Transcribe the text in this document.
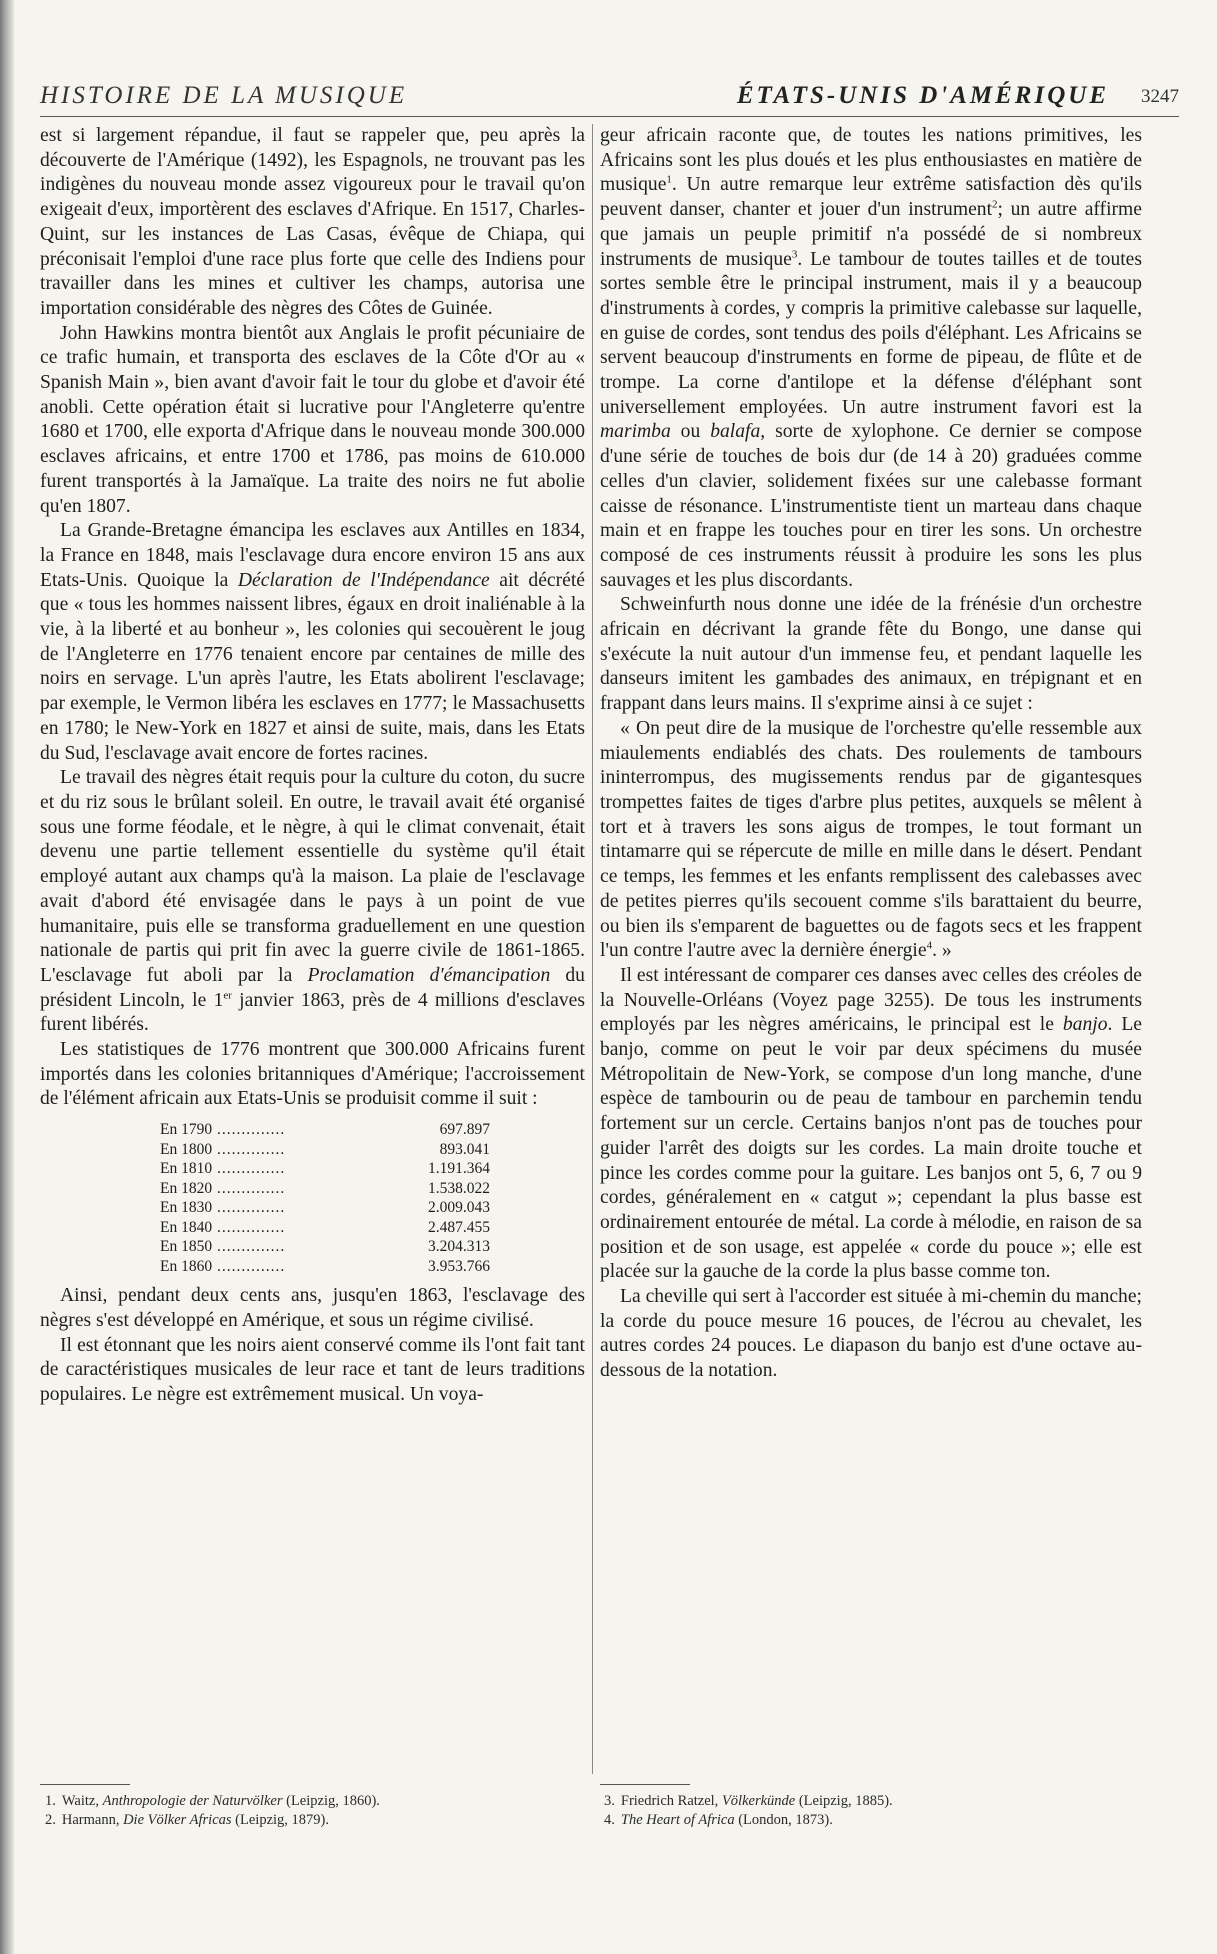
HISTOIRE DE LA MUSIQUE	ÉTATS-UNIS D'AMÉRIQUE 3247

est si largement répandue, il faut se rappeler que, peu après la découverte de l'Amérique (1492), les Espagnols, ne trouvant pas les indigènes du nouveau monde assez vigoureux pour le travail qu'on exigeait d'eux, importèrent des esclaves d'Afrique. En 1517, Charles-Quint, sur les instances de Las Casas, évêque de Chiapa, qui préconisait l'emploi d'une race plus forte que celle des Indiens pour travailler dans les mines et cultiver les champs, autorisa une importation considérable des nègres des Côtes de Guinée.

John Hawkins montra bientôt aux Anglais le profit pécuniaire de ce trafic humain, et transporta des esclaves de la Côte d'Or au « Spanish Main », bien avant d'avoir fait le tour du globe et d'avoir été anobli. Cette opération était si lucrative pour l'Angleterre qu'entre 1680 et 1700, elle exporta d'Afrique dans le nouveau monde 300.000 esclaves africains, et entre 1700 et 1786, pas moins de 610.000 furent transportés à la Jamaïque. La traite des noirs ne fut abolie qu'en 1807.

La Grande-Bretagne émancipa les esclaves aux Antilles en 1834, la France en 1848, mais l'esclavage dura encore environ 15 ans aux Etats-Unis. Quoique la Déclaration de l'Indépendance ait décrété que « tous les hommes naissent libres, égaux en droit inaliénable à la vie, à la liberté et au bonheur », les colonies qui secouèrent le joug de l'Angleterre en 1776 tenaient encore par centaines de mille des noirs en servage. L'un après l'autre, les Etats abolirent l'esclavage; par exemple, le Vermon libéra les esclaves en 1777; le Massachusetts en 1780; le New-York en 1827 et ainsi de suite, mais, dans les Etats du Sud, l'esclavage avait encore de fortes racines.

Le travail des nègres était requis pour la culture du coton, du sucre et du riz sous le brûlant soleil. En outre, le travail avait été organisé sous une forme féodale, et le nègre, à qui le climat convenait, était devenu une partie tellement essentielle du système qu'il était employé autant aux champs qu'à la maison. La plaie de l'esclavage avait d'abord été envisagée dans le pays à un point de vue humanitaire, puis elle se transforma graduellement en une question nationale de partis qui prit fin avec la guerre civile de 1861-1865. L'esclavage fut aboli par la Proclamation d'émancipation du président Lincoln, le 1er janvier 1863, près de 4 millions d'esclaves furent libérés.

Les statistiques de 1776 montrent que 300.000 Africains furent importés dans les colonies britanniques d'Amérique; l'accroissement de l'élément africain aux Etats-Unis se produisit comme il suit :

En 1790 .....	697.897
En 1800 .....	893.041
En 1810 .....	1.191.364
En 1820 .....	1.538.022
En 1830 .....	2.009.043
En 1840 .....	2.487.455
En 1850 .....	3.204.313
En 1860 .....	3.953.766

Ainsi, pendant deux cents ans, jusqu'en 1863, l'esclavage des nègres s'est développé en Amérique, et sous un régime civilisé.

Il est étonnant que les noirs aient conservé comme ils l'ont fait tant de caractéristiques musicales de leur race et tant de leurs traditions populaires. Le nègre est extrêmement musical. Un voya-

geur africain raconte que, de toutes les nations primitives, les Africains sont les plus doués et les plus enthousiastes en matière de musique$^1$. Un autre remarque leur extrême satisfaction dès qu'ils peuvent danser, chanter et jouer d'un instrument$^2$; un autre affirme que jamais un peuple primitif n'a possédé de si nombreux instruments de musique$^3$. Le tambour de toutes tailles et de toutes sortes semble être le principal instrument, mais il y a beaucoup d'instruments à cordes, y compris la primitive calebasse sur laquelle, en guise de cordes, sont tendus des poils d'éléphant. Les Africains se servent beaucoup d'instruments en forme de pipeau, de flûte et de trompe. La corne d'antilope et la défense d'éléphant sont universellement employées. Un autre instrument favori est la marimba ou balafa, sorte de xylophone. Ce dernier se compose d'une série de touches de bois dur (de 14 à 20) graduées comme celles d'un clavier, solidement fixées sur une calebasse formant caisse de résonance. L'instrumentiste tient un marteau dans chaque main et en frappe les touches pour en tirer les sons. Un orchestre composé de ces instruments réussit à produire les sons les plus sauvages et les plus discordants.

Schweinfurth nous donne une idée de la frénésie d'un orchestre africain en décrivant la grande fête du Bongo, une danse qui s'exécute la nuit autour d'un immense feu, et pendant laquelle les danseurs imitent les gambades des animaux, en trépignant et en frappant dans leurs mains. Il s'exprime ainsi à ce sujet :

« On peut dire de la musique de l'orchestre qu'elle ressemble aux miaulements endiablés des chats. Des roulements de tambours ininterrompus, des mugissements rendus par de gigantesques trompettes faites de tiges d'arbre plus petites, auxquels se mêlent à tort et à travers les sons aigus de trompes, le tout formant un tintamarre qui se répercute de mille en mille dans le désert. Pendant ce temps, les femmes et les enfants remplissent des calebasses avec de petites pierres qu'ils secouent comme s'ils barattaient du beurre, ou bien ils s'emparent de baguettes ou de fagots secs et les frappent l'un contre l'autre avec la dernière énergie$^4$. »

Il est intéressant de comparer ces danses avec celles des créoles de la Nouvelle-Orléans (Voyez page 3255). De tous les instruments employés par les nègres américains, le principal est le banjo. Le banjo, comme on peut le voir par deux spécimens du musée Métropolitain de New-York, se compose d'un long manche, d'une espèce de tambourin ou de peau de tambour en parchemin tendu fortement sur un cercle. Certains banjos n'ont pas de touches pour guider l'arrêt des doigts sur les cordes. La main droite touche et pince les cordes comme pour la guitare. Les banjos ont 5, 6, 7 ou 9 cordes, généralement en « catgut »; cependant la plus basse est ordinairement entourée de métal. La corde à mélodie, en raison de sa position et de son usage, est appelée « corde du pouce »; elle est placée sur la gauche de la corde la plus basse comme ton.

La cheville qui sert à l'accorder est située à mi-chemin du manche; la corde du pouce mesure 16 pouces, de l'écrou au chevalet, les autres cordes 24 pouces. Le diapason du banjo est d'une octave au-dessous de la notation.

1. Waitz, Anthropologie der Naturvölker (Leipzig, 1860).

2. Harmann, Die Völker Africas (Leipzig, 1879).

3. Friedrich Ratzel, Völkerkünde (Leipzig, 1885).

4. The Heart of Africa (London, 1873).
